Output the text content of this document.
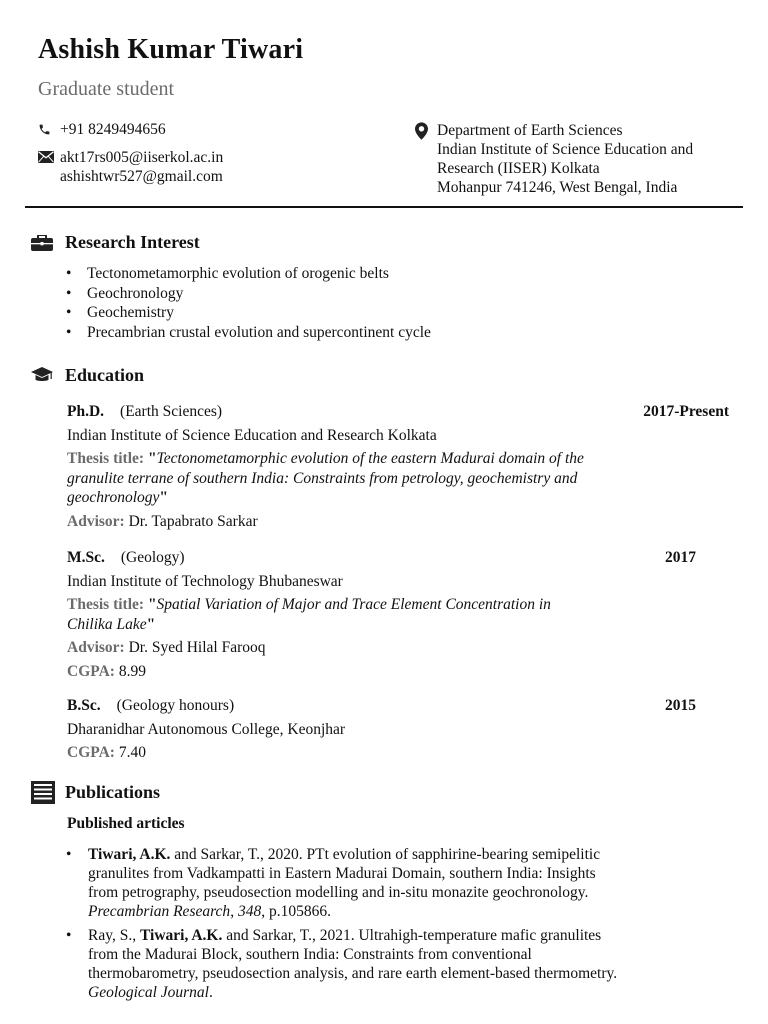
Ashish Kumar Tiwari
Graduate student
+91 8249494656
akt17rs005@iiserkol.ac.in
ashishtwr527@gmail.com
Department of Earth Sciences
Indian Institute of Science Education and
Research (IISER) Kolkata
Mohanpur 741246, West Bengal, India
Research Interest
• Tectonometamorphic evolution of orogenic belts
• Geochronology
• Geochemistry
• Precambrian crustal evolution and supercontinent cycle
Education
Ph.D. (Earth Sciences)	2017-Present
Indian Institute of Science Education and Research Kolkata
Thesis title: "Tectonometamorphic evolution of the eastern Madurai domain of the
granulite terrane of southern India: Constraints from petrology, geochemistry and
geochronology"
Advisor: Dr. Tapabrato Sarkar
M.Sc. (Geology)	2017
Indian Institute of Technology Bhubaneswar
Thesis title: "Spatial Variation of Major and Trace Element Concentration in
Chilika Lake"
Advisor: Dr. Syed Hilal Farooq
CGPA: 8.99
B.Sc. (Geology honours)	2015
Dharanidhar Autonomous College, Keonjhar
CGPA: 7.40
Publications
Published articles
• Tiwari, A.K. and Sarkar, T., 2020. PTt evolution of sapphirine-bearing semipelitic
granulites from Vadkampatti in Eastern Madurai Domain, southern India: Insights
from petrography, pseudosection modelling and in-situ monazite geochronology.
Precambrian Research, 348, p.105866.
• Ray, S., Tiwari, A.K. and Sarkar, T., 2021. Ultrahigh-temperature mafic granulites
from the Madurai Block, southern India: Constraints from conventional
thermobarometry, pseudosection analysis, and rare earth element-based thermometry.
Geological Journal.
